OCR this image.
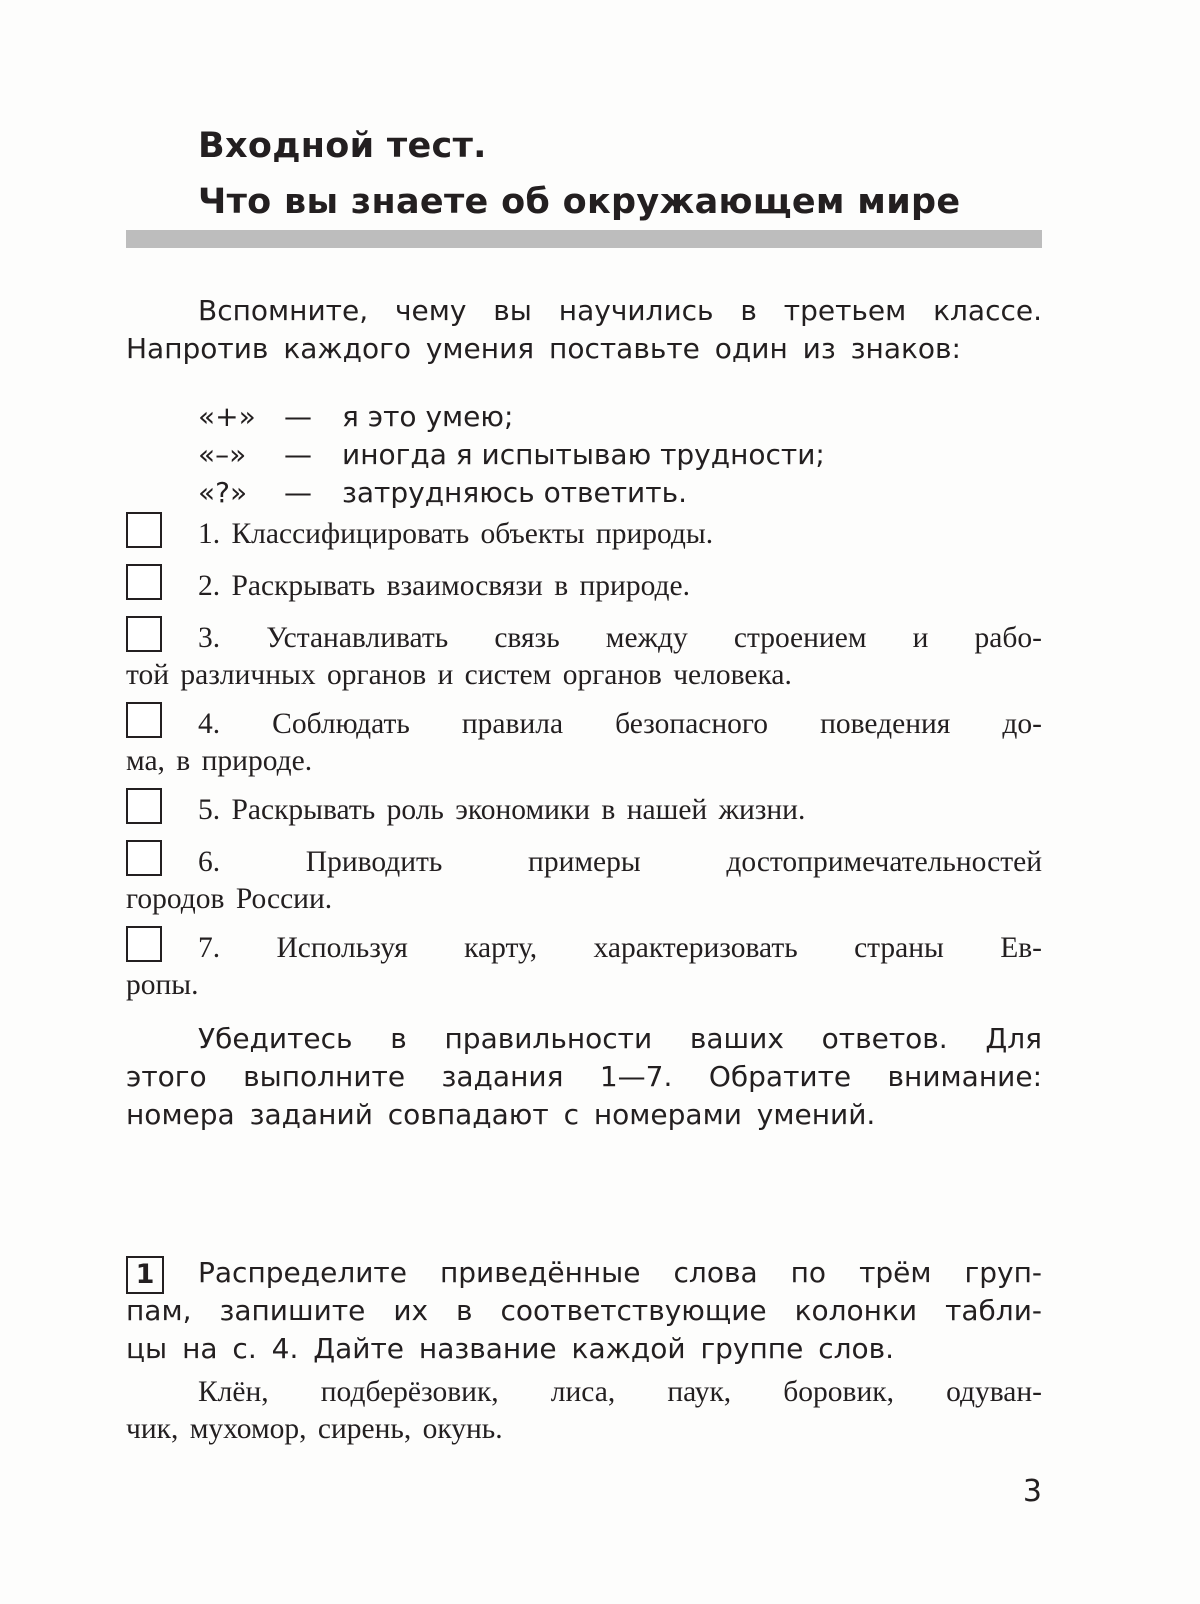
Входной тест.
Что вы знаете об окружающем мире
Вспомните, чему вы научились в третьем классе.
Напротив каждого умения поставьте один из знаков:
«+»	—	я это умею;
«–»	—	иногда я испытываю трудности;
«?»	—	затрудняюсь ответить.
1. Классифицировать объекты природы.
2. Раскрывать взаимосвязи в природе.
3. Устанавливать связь между строением и рабо-
той различных органов и систем органов человека.
4. Соблюдать правила безопасного поведения до-
ма, в природе.
5. Раскрывать роль экономики в нашей жизни.
6. Приводить примеры достопримечательностей
городов России.
7. Используя карту, характеризовать страны Ев-
ропы.
Убедитесь в правильности ваших ответов. Для
этого выполните задания 1—7. Обратите внимание:
номера заданий совпадают с номерами умений.
1	Распределите приведённые слова по трём груп-
пам, запишите их в соответствующие колонки табли-
цы на с. 4. Дайте название каждой группе слов.
Клён, подберёзовик, лиса, паук, боровик, одуван-
чик, мухомор, сирень, окунь.
3
